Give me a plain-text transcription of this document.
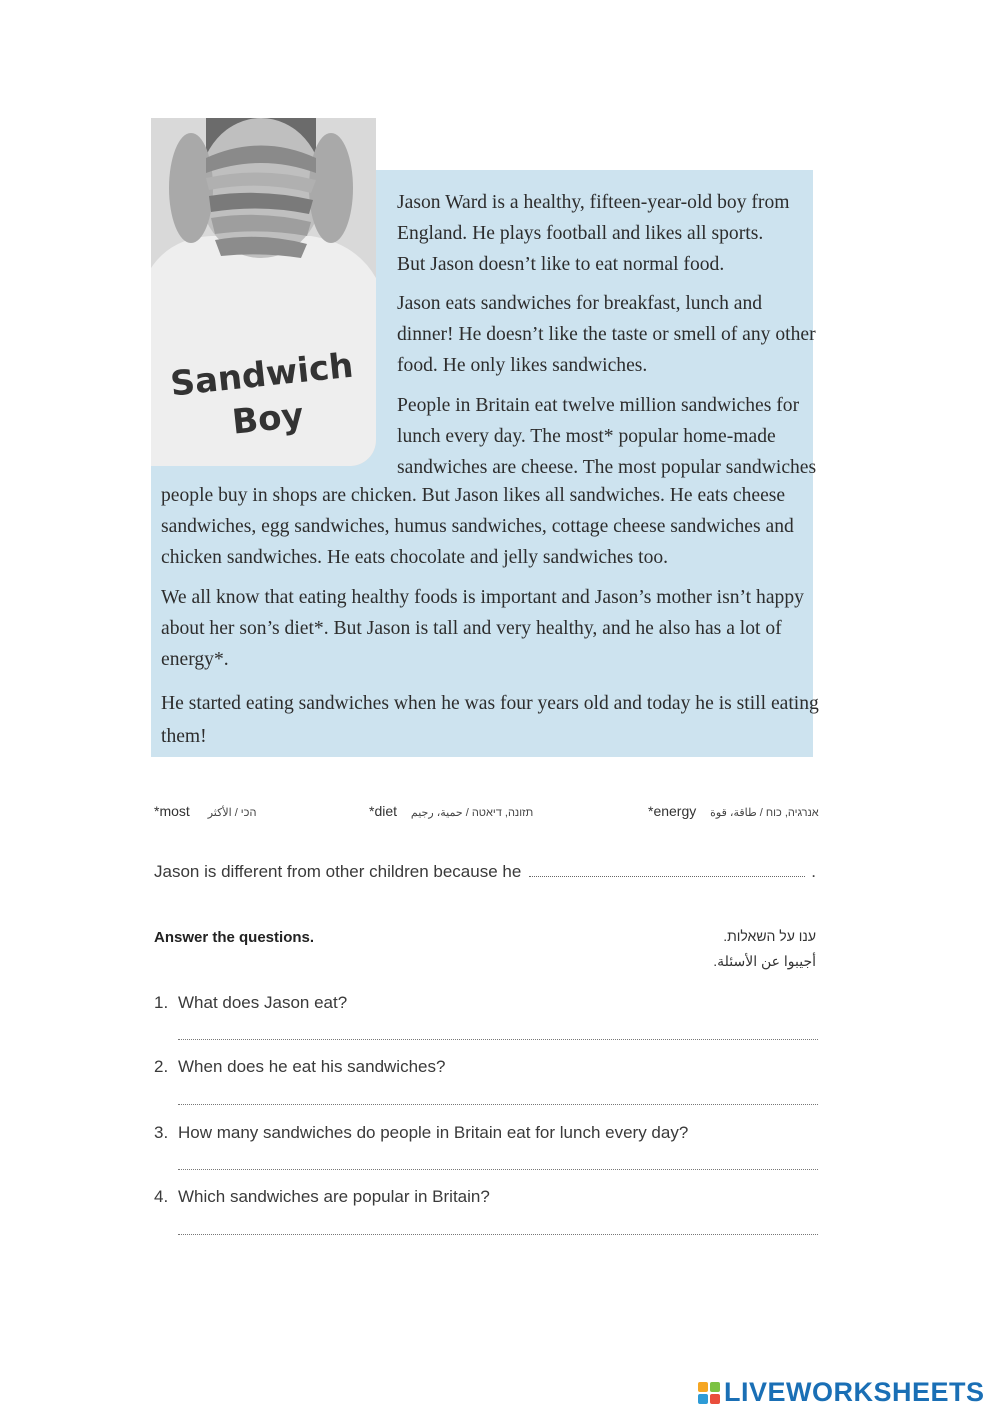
Sandwich
Boy
Jason Ward is a healthy, fifteen-year-old boy from
England. He plays football and likes all sports.
But Jason doesn’t like to eat normal food.
Jason eats sandwiches for breakfast, lunch and
dinner! He doesn’t like the taste or smell of any other
food. He only likes sandwiches.
People in Britain eat twelve million sandwiches for
lunch every day. The most* popular home-made
sandwiches are cheese. The most popular sandwiches
people buy in shops are chicken. But Jason likes all sandwiches. He eats cheese
sandwiches, egg sandwiches, humus sandwiches, cottage cheese sandwiches and
chicken sandwiches. He eats chocolate and jelly sandwiches too.
We all know that eating healthy foods is important and Jason’s mother isn’t happy
about her son’s diet*. But Jason is tall and very healthy, and he also has a lot of
energy*.
He started eating sandwiches when he was four years old and today he is still eating
them!
*most הכי / الأكثر	*diet תזונה, דיאטה / حمية، رجيم	*energy אנרגיה, כוח / طاقة، قوة
Jason is different from other children because he	.
Answer the questions.	ענו על השאלות.
أجيبوا عن الأسئلة.
1. What does Jason eat?
2. When does he eat his sandwiches?
3. How many sandwiches do people in Britain eat for lunch every day?
4. Which sandwiches are popular in Britain?
LIVEWORKSHEETS
